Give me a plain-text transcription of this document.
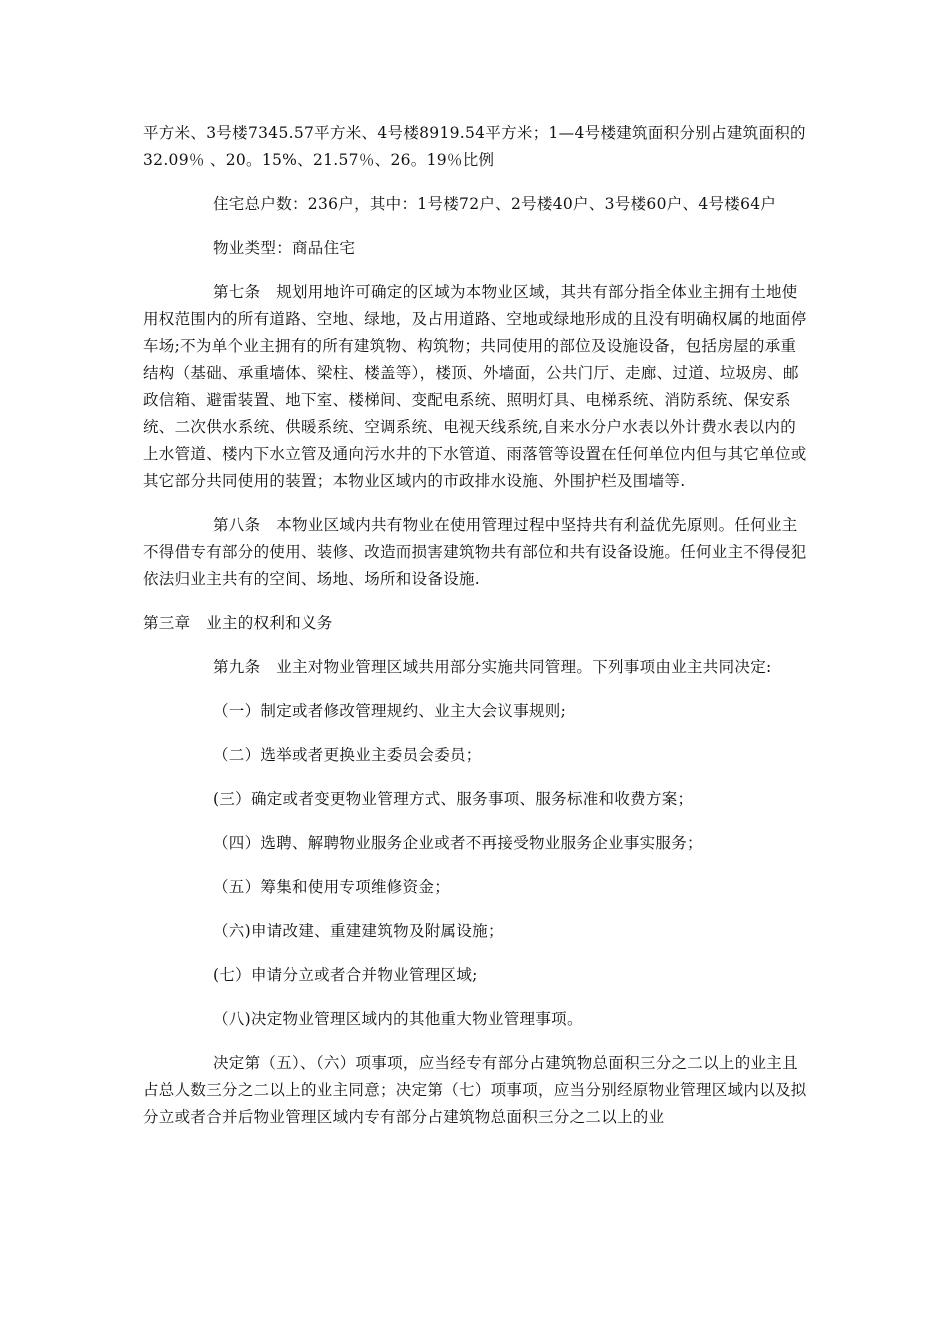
平方米、3号楼7345.57平方米、4号楼8919.54平方米；1—4号楼建筑面积分别占建筑面积的32.09％ 、20。15%、21.57％、26。19％比例

住宅总户数：236户，其中：1号楼72户、2号楼40户、3号楼60户、4号楼64户

物业类型：商品住宅

第七条　规划用地许可确定的区域为本物业区域，其共有部分指全体业主拥有土地使用权范围内的所有道路、空地、绿地，及占用道路、空地或绿地形成的且没有明确权属的地面停车场;不为单个业主拥有的所有建筑物、构筑物；共同使用的部位及设施设备，包括房屋的承重结构（基础、承重墙体、梁柱、楼盖等），楼顶、外墙面，公共门厅、走廊、过道、垃圾房、邮政信箱、避雷装置、地下室、楼梯间、变配电系统、照明灯具、电梯系统、消防系统、保安系统、二次供水系统、供暖系统、空调系统、电视天线系统,自来水分户水表以外计费水表以内的上水管道、楼内下水立管及通向污水井的下水管道、雨落管等设置在任何单位内但与其它单位或其它部分共同使用的装置；本物业区域内的市政排水设施、外围护栏及围墙等.

第八条　本物业区域内共有物业在使用管理过程中坚持共有利益优先原则。任何业主不得借专有部分的使用、装修、改造而损害建筑物共有部位和共有设备设施。任何业主不得侵犯依法归业主共有的空间、场地、场所和设备设施.

第三章　业主的权利和义务

第九条　业主对物业管理区域共用部分实施共同管理。下列事项由业主共同决定:

（一）制定或者修改管理规约、业主大会议事规则;

（二）选举或者更换业主委员会委员；

(三）确定或者变更物业管理方式、服务事项、服务标准和收费方案；

（四）选聘、解聘物业服务企业或者不再接受物业服务企业事实服务；

（五）筹集和使用专项维修资金；

（六)申请改建、重建建筑物及附属设施；

(七）申请分立或者合并物业管理区域;

（八)决定物业管理区域内的其他重大物业管理事项。

决定第（五）、（六）项事项，应当经专有部分占建筑物总面积三分之二以上的业主且占总人数三分之二以上的业主同意；决定第（七）项事项，应当分别经原物业管理区域内以及拟分立或者合并后物业管理区域内专有部分占建筑物总面积三分之二以上的业
